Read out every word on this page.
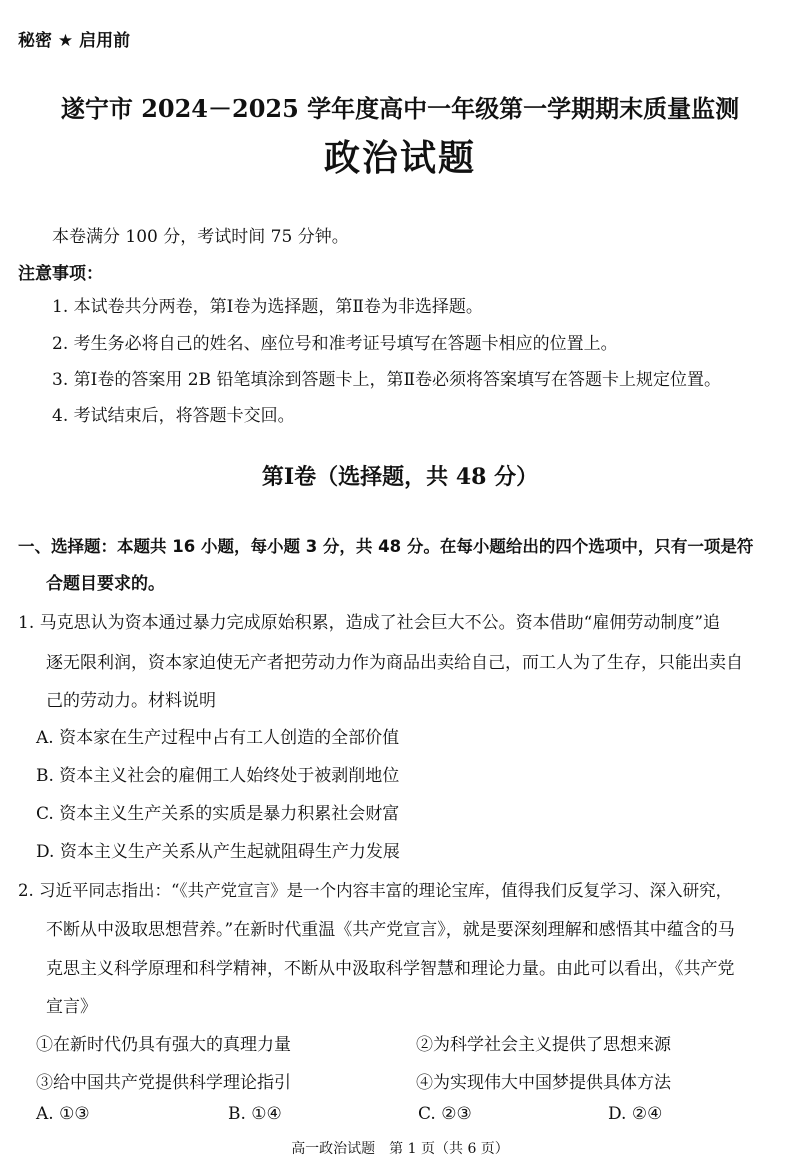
秘密 ★ 启用前
遂宁市 2024－2025 学年度高中一年级第一学期期末质量监测
政治试题
本卷满分 100 分，考试时间 75 分钟。
注意事项：
1. 本试卷共分两卷，第Ⅰ卷为选择题，第Ⅱ卷为非选择题。
2. 考生务必将自己的姓名、座位号和准考证号填写在答题卡相应的位置上。
3. 第Ⅰ卷的答案用 2B 铅笔填涂到答题卡上，第Ⅱ卷必须将答案填写在答题卡上规定位置。
4. 考试结束后，将答题卡交回。
第Ⅰ卷（选择题，共 48 分）
一、选择题：本题共 16 小题，每小题 3 分，共 48 分。在每小题给出的四个选项中，只有一项是符
合题目要求的。
1. 马克思认为资本通过暴力完成原始积累，造成了社会巨大不公。资本借助“雇佣劳动制度”追
逐无限利润，资本家迫使无产者把劳动力作为商品出卖给自己，而工人为了生存，只能出卖自
己的劳动力。材料说明
A. 资本家在生产过程中占有工人创造的全部价值
B. 资本主义社会的雇佣工人始终处于被剥削地位
C. 资本主义生产关系的实质是暴力积累社会财富
D. 资本主义生产关系从产生起就阻碍生产力发展
2. 习近平同志指出：“《共产党宣言》是一个内容丰富的理论宝库，值得我们反复学习、深入研究，
不断从中汲取思想营养。”在新时代重温《共产党宣言》，就是要深刻理解和感悟其中蕴含的马
克思主义科学原理和科学精神，不断从中汲取科学智慧和理论力量。由此可以看出，《共产党
宣言》
①在新时代仍具有强大的真理力量	②为科学社会主义提供了思想来源
③给中国共产党提供科学理论指引	④为实现伟大中国梦提供具体方法
A. ①③	B. ①④	C. ②③	D. ②④
高一政治试题　第 1 页（共 6 页）
